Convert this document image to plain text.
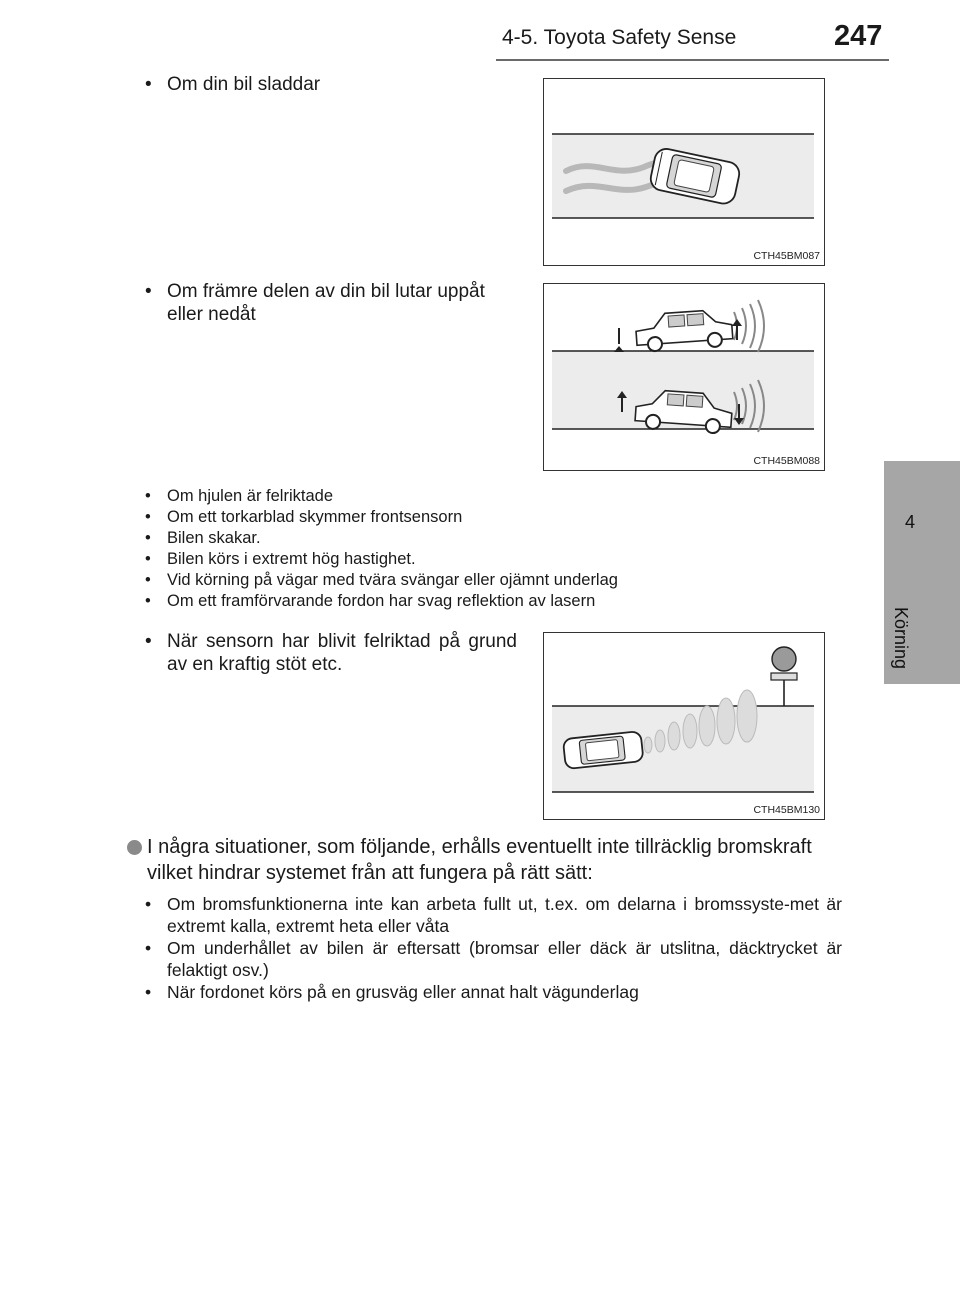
4-5. Toyota Safety Sense	247
4
Körning
• Om din bil sladdar
CTH45BM087
• Om främre delen av din bil lutar uppåt eller nedåt
CTH45BM088
• Om hjulen är felriktade
• Om ett torkarblad skymmer frontsensorn
• Bilen skakar.
• Bilen körs i extremt hög hastighet.
• Vid körning på vägar med tvära svängar eller ojämnt underlag
• Om ett framförvarande fordon har svag reflektion av lasern
• När sensorn har blivit felriktad på grund av en kraftig stöt etc.
CTH45BM130
I några situationer, som följande, erhålls eventuellt inte tillräcklig bromskraft vilket hindrar systemet från att fungera på rätt sätt:
• Om bromsfunktionerna inte kan arbeta fullt ut, t.ex. om delarna i bromssyste-met är extremt kalla, extremt heta eller våta
• Om underhållet av bilen är eftersatt (bromsar eller däck är utslitna, däcktrycket är felaktigt osv.)
• När fordonet körs på en grusväg eller annat halt vägunderlag
